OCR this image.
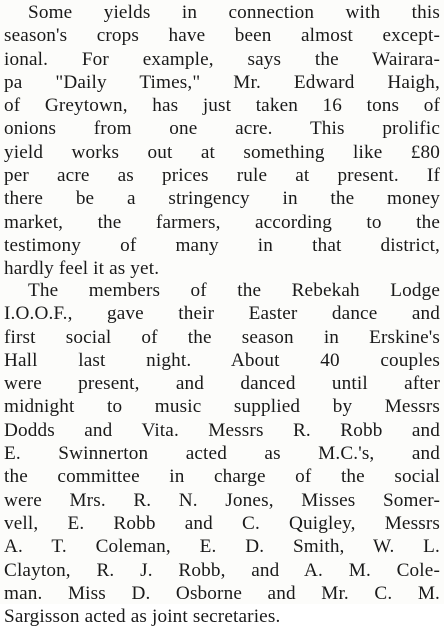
Some yields in connection with this
season's crops have been almost except-
ional. For example, says the Wairara-
pa "Daily Times," Mr. Edward Haigh,
of Greytown, has just taken 16 tons of
onions from one acre. This prolific
yield works out at something like £80
per acre as prices rule at present. If
there be a stringency in the money
market, the farmers, according to the
testimony of many in that district,
hardly feel it as yet.

The members of the Rebekah Lodge
I.O.O.F., gave their Easter dance and
first social of the season in Erskine's
Hall last night. About 40 couples
were present, and danced until after
midnight to music supplied by Messrs
Dodds and Vita. Messrs R. Robb and
E. Swinnerton acted as M.C.'s, and
the committee in charge of the social
were Mrs. R. N. Jones, Misses Somer-
vell, E. Robb and C. Quigley, Messrs
A. T. Coleman, E. D. Smith, W. L.
Clayton, R. J. Robb, and A. M. Cole-
man. Miss D. Osborne and Mr. C. M.
Sargisson acted as joint secretaries.
